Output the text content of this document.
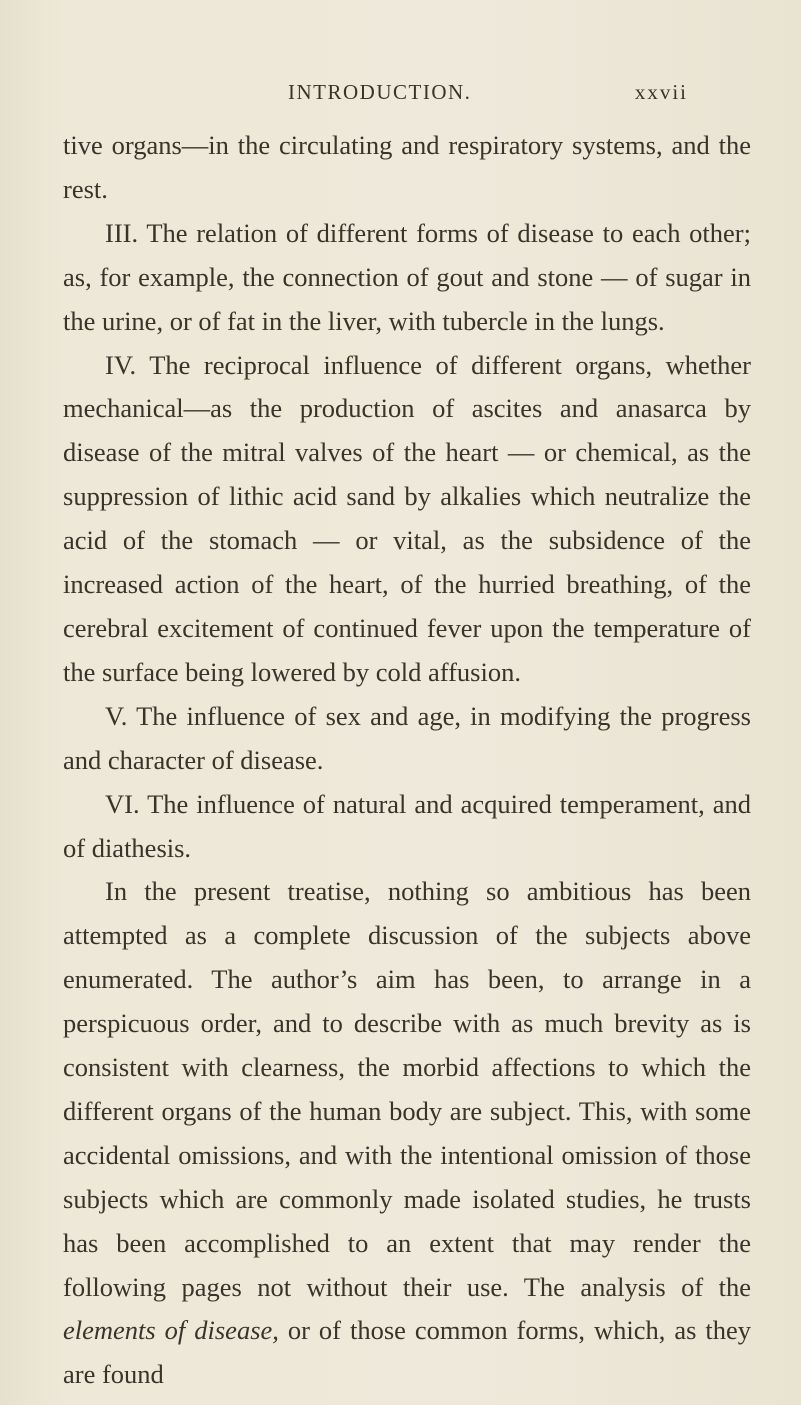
INTRODUCTION.	xxvii

tive organs—in the circulating and respiratory systems, and the rest.

III. The relation of different forms of disease to each other; as, for example, the connection of gout and stone — of sugar in the urine, or of fat in the liver, with tubercle in the lungs.

IV. The reciprocal influence of different organs, whether mechanical—as the production of ascites and anasarca by disease of the mitral valves of the heart — or chemical, as the suppression of lithic acid sand by alkalies which neutralize the acid of the stomach — or vital, as the subsidence of the increased action of the heart, of the hurried breathing, of the cerebral excitement of continued fever upon the temperature of the surface being lowered by cold affusion.

V. The influence of sex and age, in modifying the progress and character of disease.

VI. The influence of natural and acquired temperament, and of diathesis.

In the present treatise, nothing so ambitious has been attempted as a complete discussion of the subjects above enumerated. The author’s aim has been, to arrange in a perspicuous order, and to describe with as much brevity as is consistent with clearness, the morbid affections to which the different organs of the human body are subject. This, with some accidental omissions, and with the intentional omission of those subjects which are commonly made isolated studies, he trusts has been accomplished to an extent that may render the following pages not without their use. The analysis of the elements of disease, or of those common forms, which, as they are found
